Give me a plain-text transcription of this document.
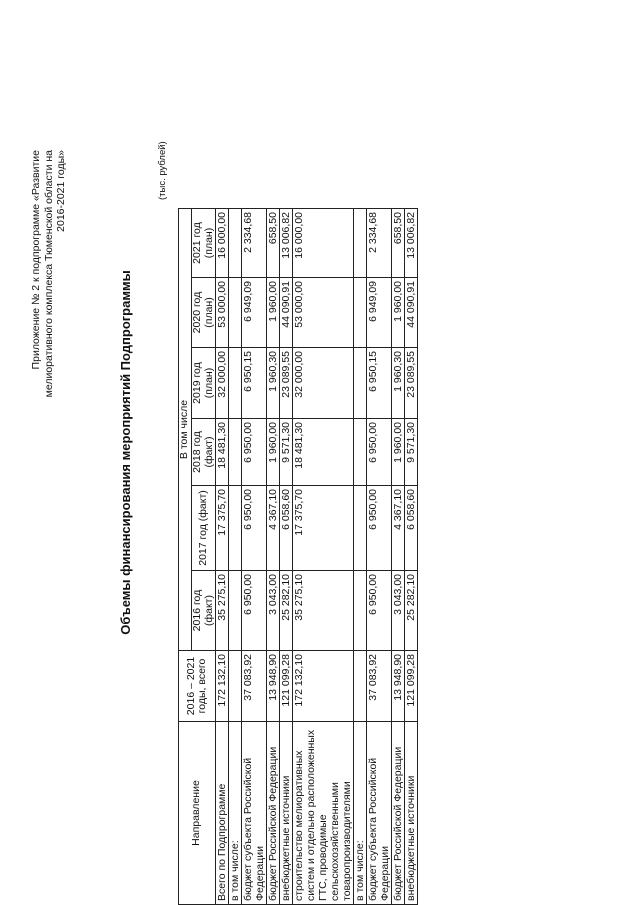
Приложение № 2 к подпрограмме «Развитие мелиоративного комплекса Тюменской области на 2016-2021 годы»
Объемы финансирования мероприятий Подпрограммы
(тыс. рублей)
Направление	2016 – 2021 годы, всего	В том числе					
		2016 год (факт)	2017 год (факт)	2018 год (факт)	2019 год (план)	2020 год (план)	2021 год (план)
Всего по Подпрограмме	172 132,10	35 275,10	17 375,70	18 481,30	32 000,00	53 000,00	16 000,00
в том числе:							
бюджет субъекта Российской Федерации	37 083,92	6 950,00	6 950,00	6 950,00	6 950,15	6 949,09	2 334,68
бюджет Российской Федерации	13 948,90	3 043,00	4 367,10	1 960,00	1 960,30	1 960,00	658,50
внебюджетные источники	121 099,28	25 282,10	6 058,60	9 571,30	23 089,55	44 090,91	13 006,82
строительство мелиоративных систем и отдельно расположенных ГТС, проводимые сельскохозяйственными товаропроизводителями	172 132,10	35 275,10	17 375,70	18 481,30	32 000,00	53 000,00	16 000,00
в том числе:							
бюджет субъекта Российской Федерации	37 083,92	6 950,00	6 950,00	6 950,00	6 950,15	6 949,09	2 334,68
бюджет Российской Федерации	13 948,90	3 043,00	4 367,10	1 960,00	1 960,30	1 960,00	658,50
внебюджетные источники	121 099,28	25 282,10	6 058,60	9 571,30	23 089,55	44 090,91	13 006,82
